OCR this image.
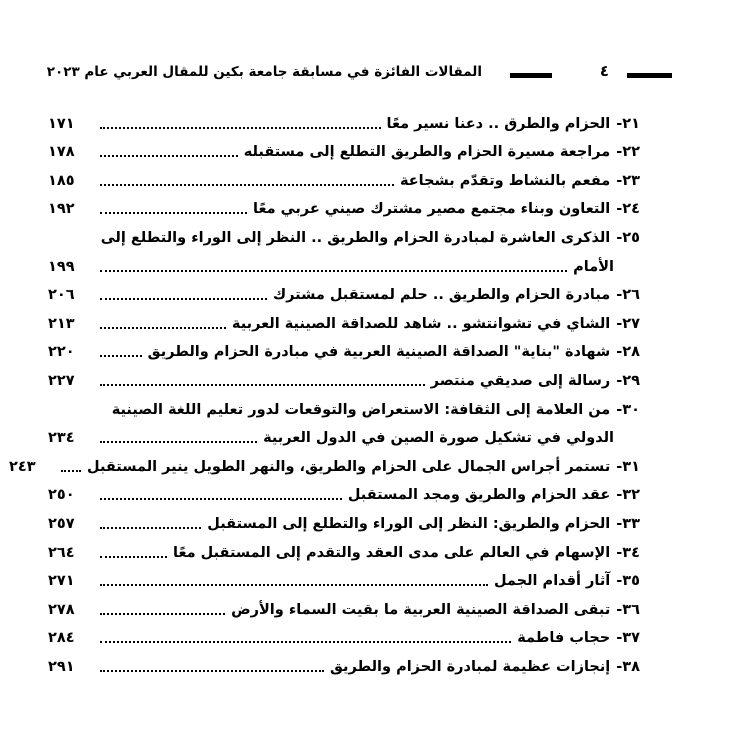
المقالات الفائزة في مسابقة جامعة بكين للمقال العربي عام ٢٠٢٣	٤
٢١-
الحزام والطرق .. دعنا نسير معًا
١٧١
٢٢-
مراجعة مسيرة الحزام والطريق التطلع إلى مستقبله
١٧٨
٢٣-
مفعم بالنشاط وتقدّم بشجاعة
١٨٥
٢٤-
التعاون وبناء مجتمع مصير مشترك صيني عربي معًا
١٩٢
٢٥-
الذكرى العاشرة لمبادرة الحزام والطريق .. النظر إلى الوراء والتطلع إلى
الأمام
١٩٩
٢٦-
مبادرة الحزام والطريق .. حلم لمستقبل مشترك
٢٠٦
٢٧-
الشاي في تشوانتشو .. شاهد للصداقة الصينية العربية
٢١٣
٢٨-
شهادة "بناية" الصداقة الصينية العربية في مبادرة الحزام والطريق
٢٢٠
٢٩-
رسالة إلى صديقي منتصر
٢٢٧
٣٠-
من العلامة إلى الثقافة: الاستعراض والتوقعات لدور تعليم اللغة الصينية
الدولي في تشكيل صورة الصين في الدول العربية
٢٣٤
٣١-
تستمر أجراس الجمال على الحزام والطريق، والنهر الطويل ينير المستقبل
٢٤٣
٣٢-
عقد الحزام والطريق ومجد المستقبل
٢٥٠
٣٣-
الحزام والطريق: النظر إلى الوراء والتطلع إلى المستقبل
٢٥٧
٣٤-
الإسهام في العالم على مدى العقد والتقدم إلى المستقبل معًا
٢٦٤
٣٥-
آثار أقدام الجمل
٢٧١
٣٦-
تبقى الصداقة الصينية العربية ما بقيت السماء والأرض
٢٧٨
٣٧-
حجاب فاطمة
٢٨٤
٣٨-
إنجازات عظيمة لمبادرة الحزام والطريق
٢٩١
